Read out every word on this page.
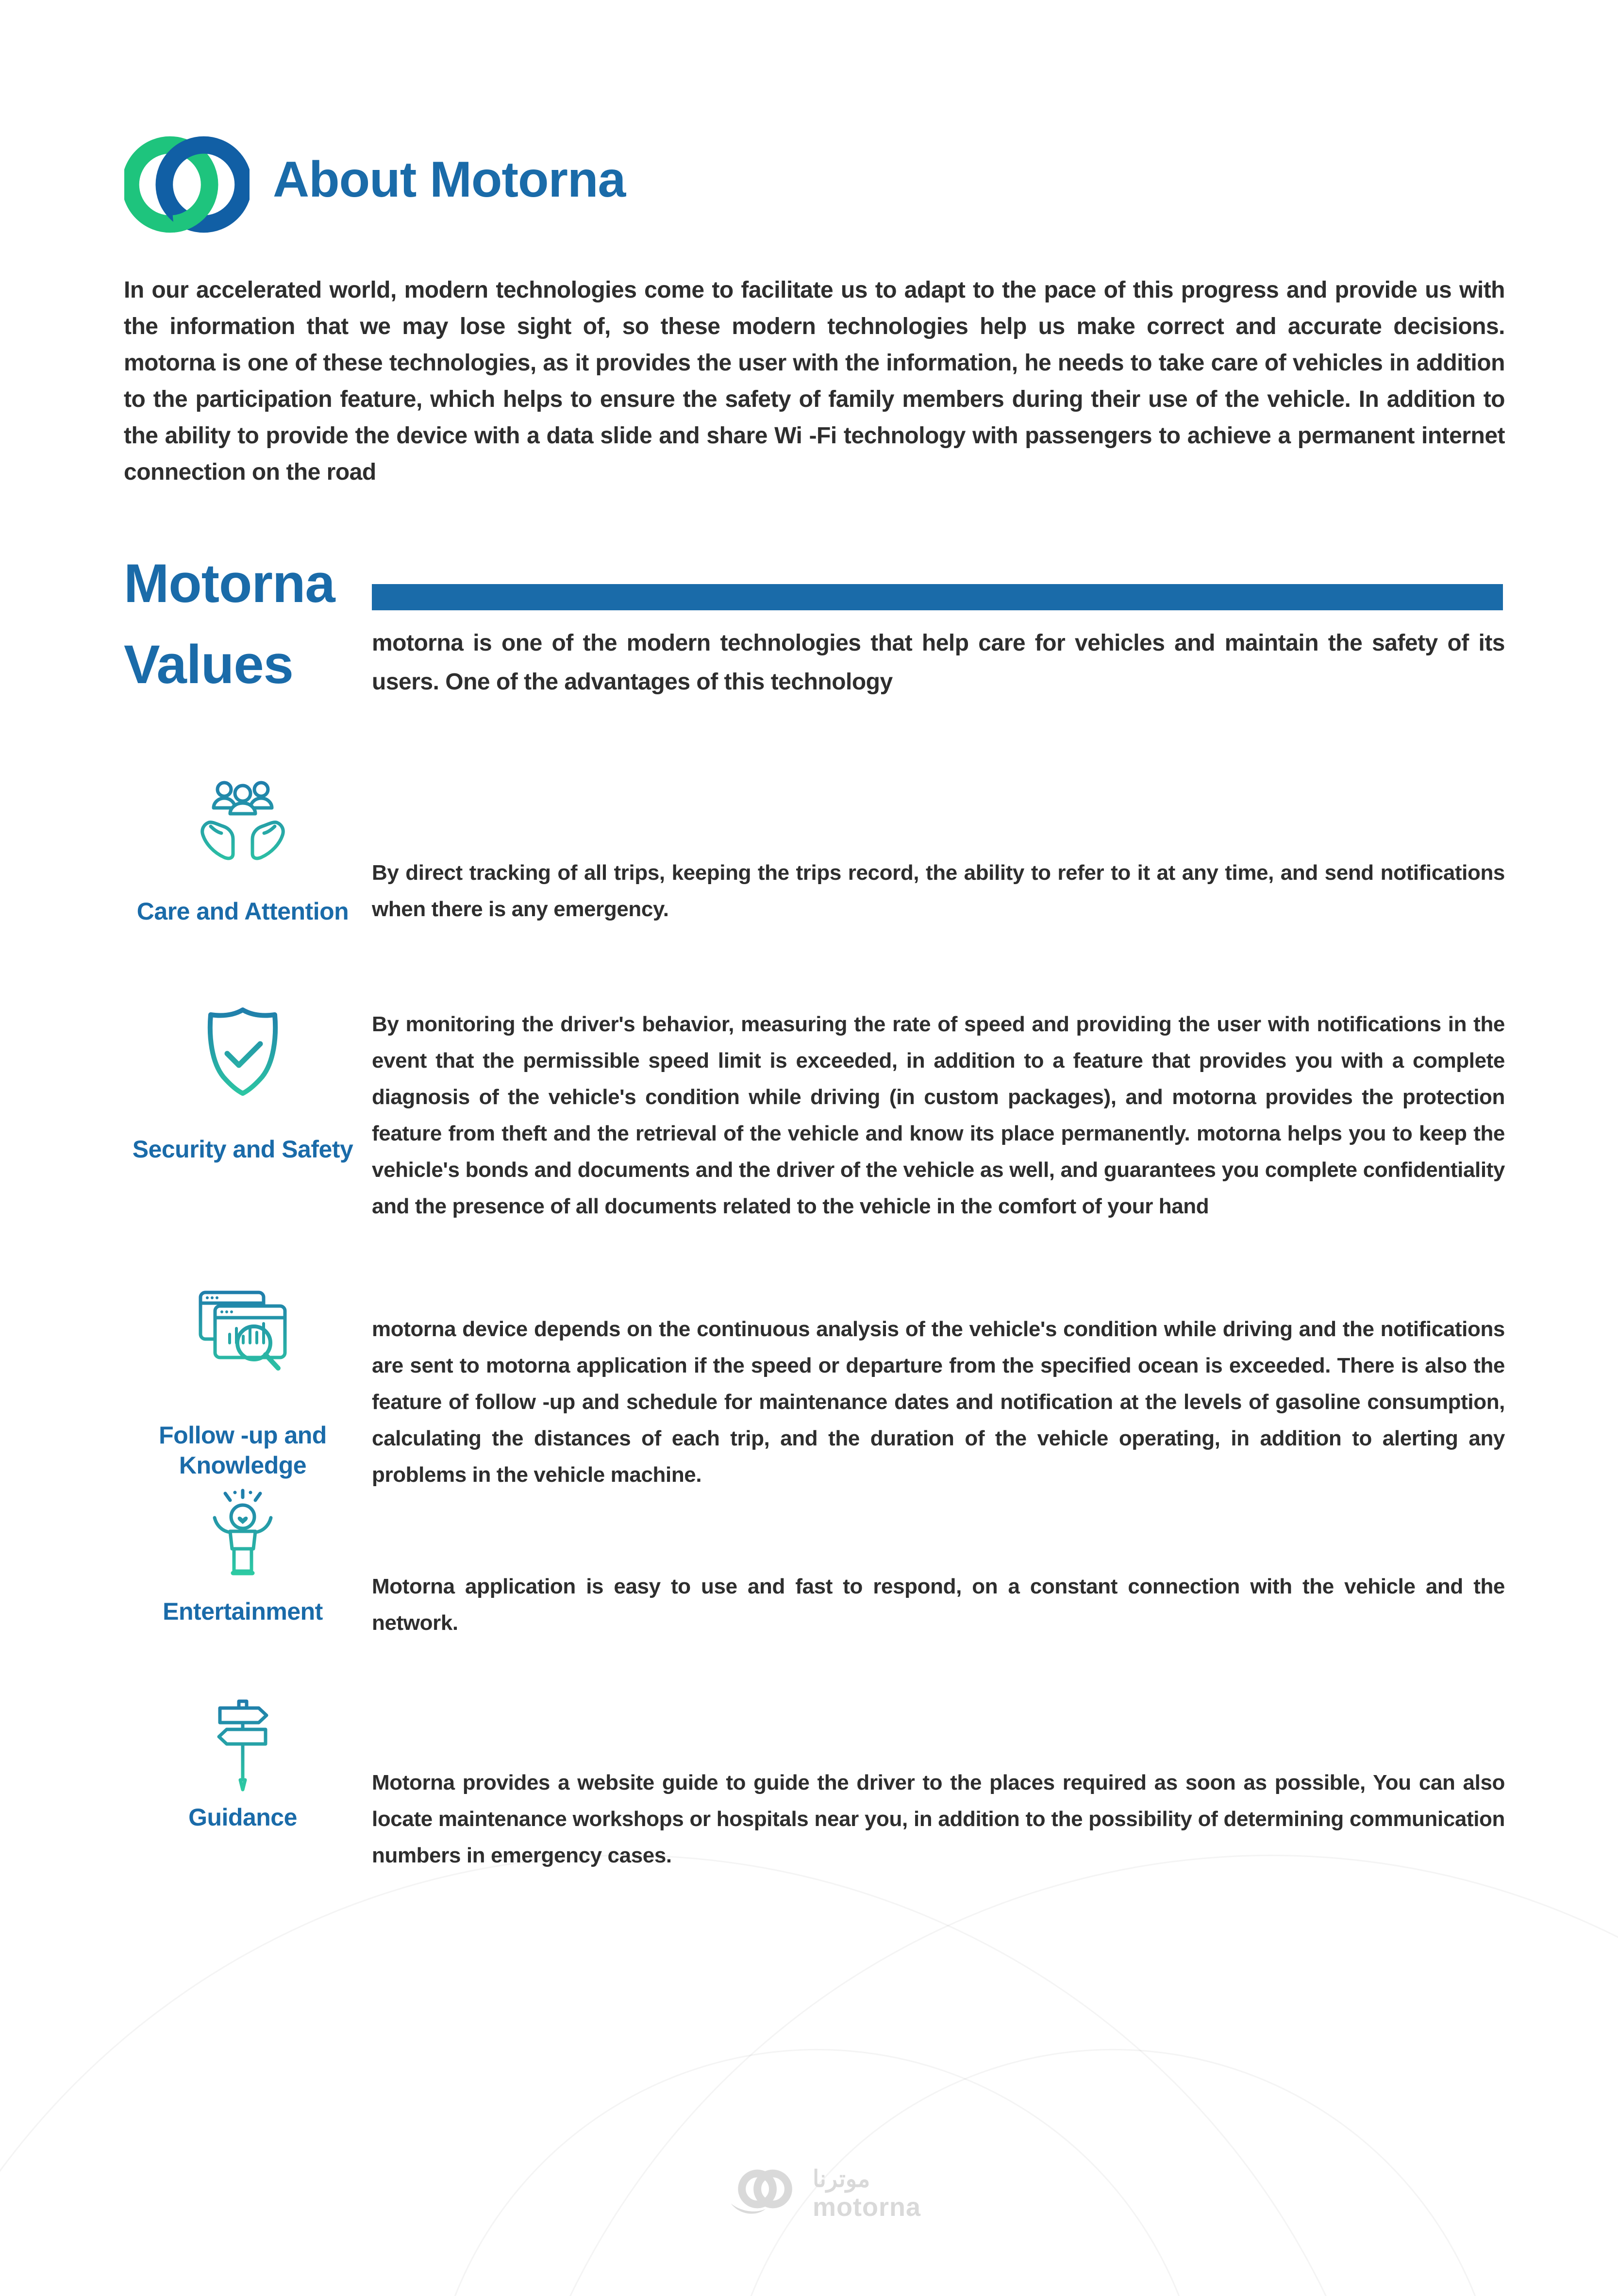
About Motorna

In our accelerated world, modern technologies come to facilitate us to adapt to the pace of this progress and provide us with the information that we may lose sight of, so these modern technologies help us make correct and accurate decisions. motorna is one of these technologies, as it provides the user with the information, he needs to take care of vehicles in addition to the participation feature, which helps to ensure the safety of family members during their use of the vehicle. In addition to the ability to provide the device with a data slide and share Wi -Fi technology with passengers to achieve a permanent internet connection on the road

Motorna
Values	motorna is one of the modern technologies that help care for vehicles and maintain the safety of its users. One of the advantages of this technology

Care and Attention

By direct tracking of all trips, keeping the trips record, the ability to refer to it at any time, and send notifications when there is any emergency.

Security and Safety

By monitoring the driver's behavior, measuring the rate of speed and providing the user with notifications in the event that the permissible speed limit is exceeded, in addition to a feature that provides you with a complete diagnosis of the vehicle's condition while driving (in custom packages), and motorna provides the protection feature from theft and the retrieval of the vehicle and know its place permanently. motorna helps you to keep the vehicle's bonds and documents and the driver of the vehicle as well, and guarantees you complete confidentiality and the presence of all documents related to the vehicle in the comfort of your hand

Follow -up and Knowledge

motorna device depends on the continuous analysis of the vehicle's condition while driving and the notifications are sent to motorna application if the speed or departure from the specified ocean is exceeded. There is also the feature of follow -up and schedule for maintenance dates and notification at the levels of gasoline consumption, calculating the distances of each trip, and the duration of the vehicle operating, in addition to alerting any problems in the vehicle machine.

Entertainment

Motorna application is easy to use and fast to respond, on a constant connection with the vehicle and the network.

Guidance

Motorna provides a website guide to guide the driver to the places required as soon as possible, You can also locate maintenance workshops or hospitals near you, in addition to the possibility of determining communication numbers in emergency cases.

موترنا
motorna
